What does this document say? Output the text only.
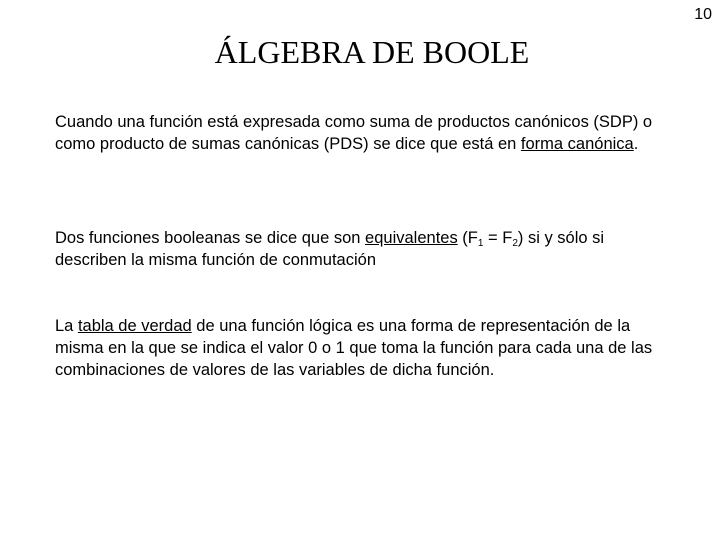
10
ÁLGEBRA DE BOOLE

Cuando una función está expresada como suma de productos canónicos (SDP) o como producto de sumas canónicas (PDS) se dice que está en forma canónica.

Dos funciones booleanas se dice que son equivalentes $(F_1 = F_2)$ si y sólo si describen la misma función de conmutación

La tabla de verdad de una función lógica es una forma de representación de la misma en la que se indica el valor 0 o 1 que toma la función para cada una de las combinaciones de valores de las variables de dicha función.
